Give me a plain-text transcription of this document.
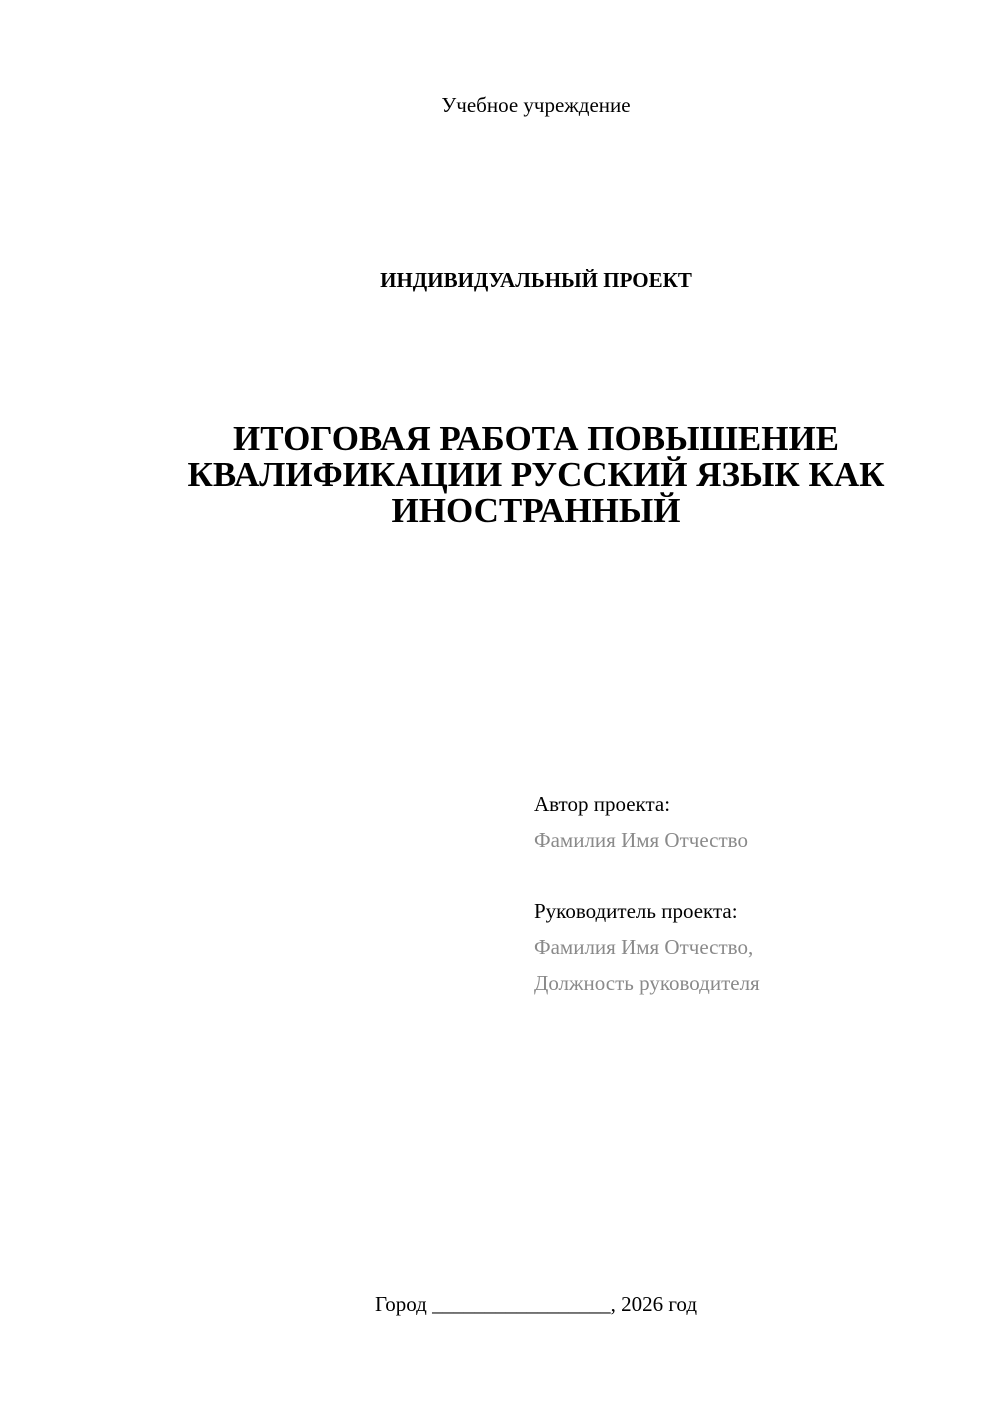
Учебное учреждение
ИНДИВИДУАЛЬНЫЙ ПРОЕКТ
ИТОГОВАЯ РАБОТА ПОВЫШЕНИЕ КВАЛИФИКАЦИИ РУССКИЙ ЯЗЫК КАК ИНОСТРАННЫЙ
Автор проекта:
Фамилия Имя Отчество
Руководитель проекта:
Фамилия Имя Отчество,
Должность руководителя
Город _________________, 2026 год
